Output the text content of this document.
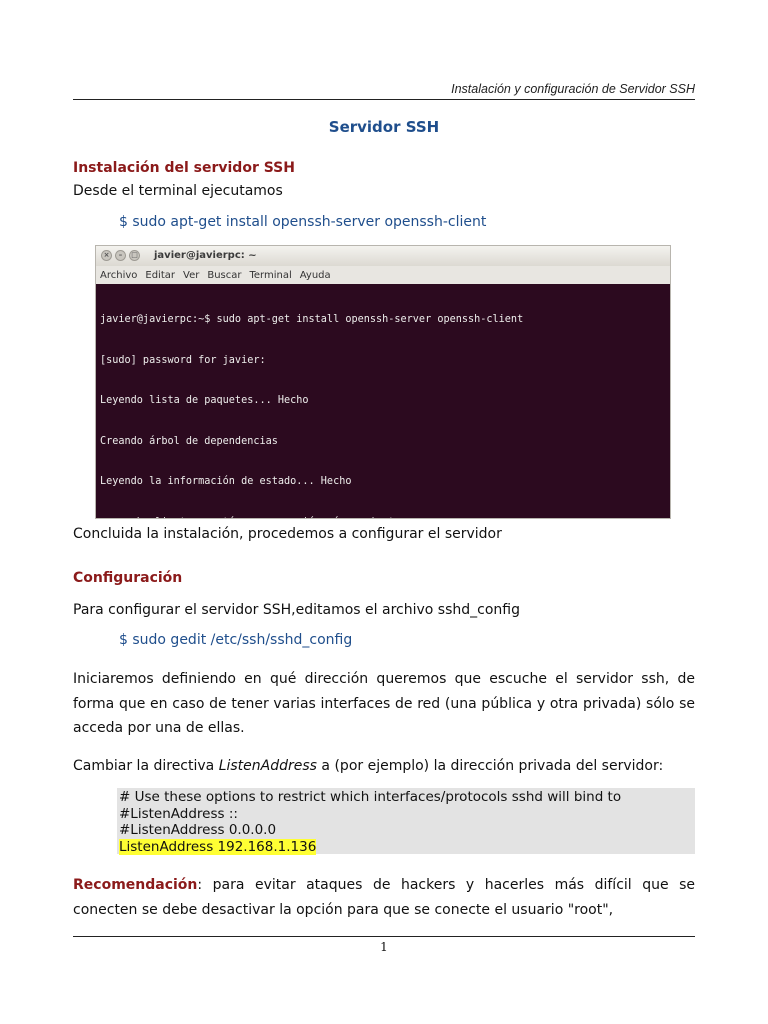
Instalación y configuración de Servidor SSH
Servidor SSH
Instalación del servidor SSH
Desde el terminal ejecutamos
$ sudo apt-get install openssh-server openssh-client
×	–	□ javier@javierpc: ~
Archivo Editar Ver Buscar Terminal Ayuda

javier@javierpc:~$ sudo apt-get install openssh-server openssh-client

[sudo] password for javier:

Leyendo lista de paquetes... Hecho

Creando árbol de dependencias

Leyendo la información de estado... Hecho

Concluida la instalación, procedemos a configurar el servidor
Configuración
Para configurar el servidor SSH,editamos el archivo sshd_config
$ sudo gedit /etc/ssh/sshd_config
Iniciaremos definiendo en qué dirección queremos que escuche el servidor ssh, de forma que en caso de tener varias interfaces de red (una pública y otra privada) sólo se acceda por una de ellas.
Cambiar la directiva ListenAddress a (por ejemplo) la dirección privada del servidor:
# Use these options to restrict which interfaces/protocols sshd will bind to
#ListenAddress ::
#ListenAddress 0.0.0.0
ListenAddress 192.168.1.136
Recomendación: para evitar ataques de hackers y hacerles más difícil que se conecten se debe desactivar la opción para que se conecte el usuario "root",
1
